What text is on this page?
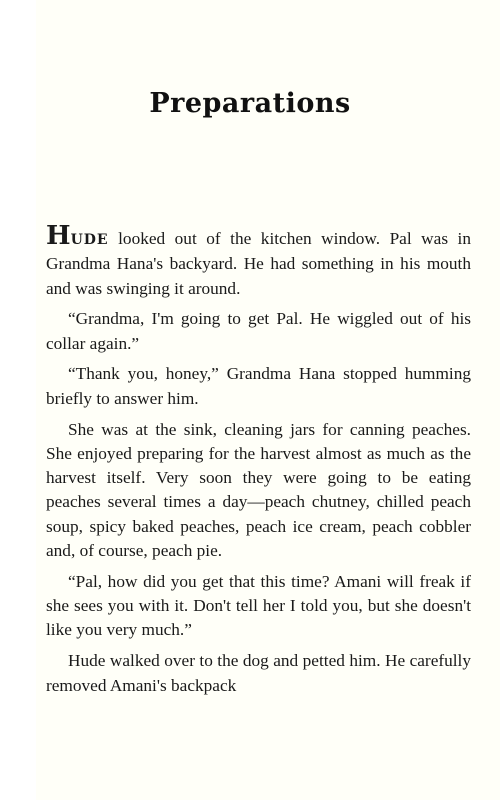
Preparations

HUDE looked out of the kitchen window. Pal was in Grandma Hana's backyard. He had something in his mouth and was swinging it around.

“Grandma, I'm going to get Pal. He wiggled out of his collar again.”

“Thank you, honey,” Grandma Hana stopped humming briefly to answer him.

She was at the sink, cleaning jars for canning peaches. She enjoyed preparing for the harvest almost as much as the harvest itself. Very soon they were going to be eating peaches several times a day—peach chutney, chilled peach soup, spicy baked peaches, peach ice cream, peach cobbler and, of course, peach pie.

“Pal, how did you get that this time? Amani will freak if she sees you with it. Don't tell her I told you, but she doesn't like you very much.”

Hude walked over to the dog and petted him. He carefully removed Amani's backpack
